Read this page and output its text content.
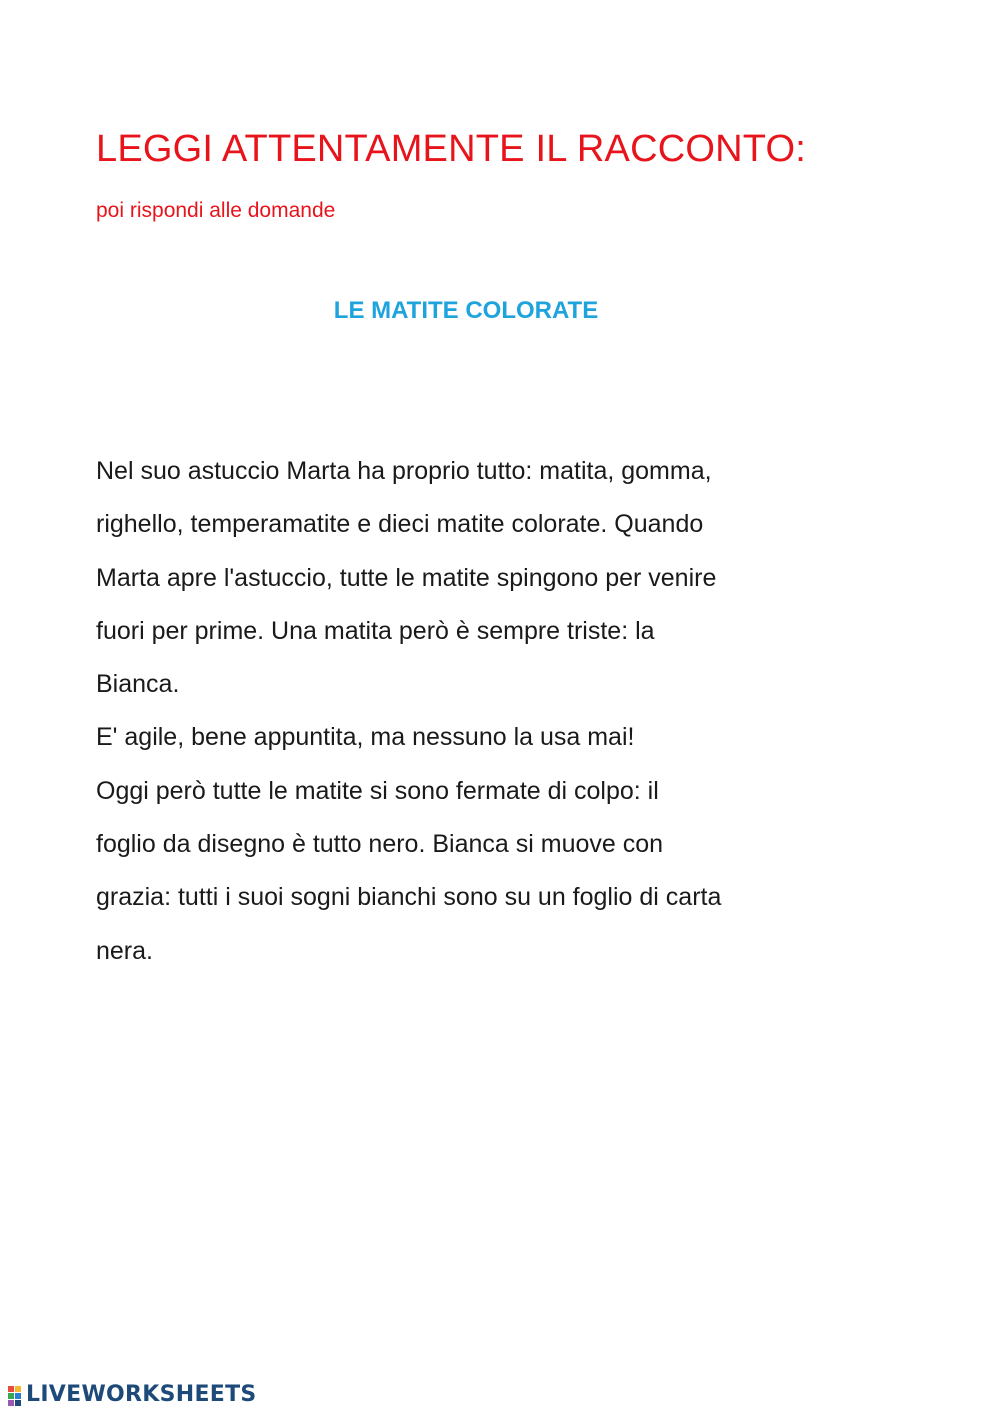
LEGGI ATTENTAMENTE IL RACCONTO:

poi rispondi alle domande

LE MATITE COLORATE
Nel suo astuccio Marta ha proprio tutto: matita, gomma,
righello, temperamatite e dieci matite colorate. Quando
Marta apre l'astuccio, tutte le matite spingono per venire
fuori per prime. Una matita però è sempre triste: la
Bianca.
E' agile, bene appuntita, ma nessuno la usa mai!
Oggi però tutte le matite si sono fermate di colpo: il
foglio da disegno è tutto nero. Bianca si muove con
grazia: tutti i suoi sogni bianchi sono su un foglio di carta
nera.
LIVEWORKSHEETS
